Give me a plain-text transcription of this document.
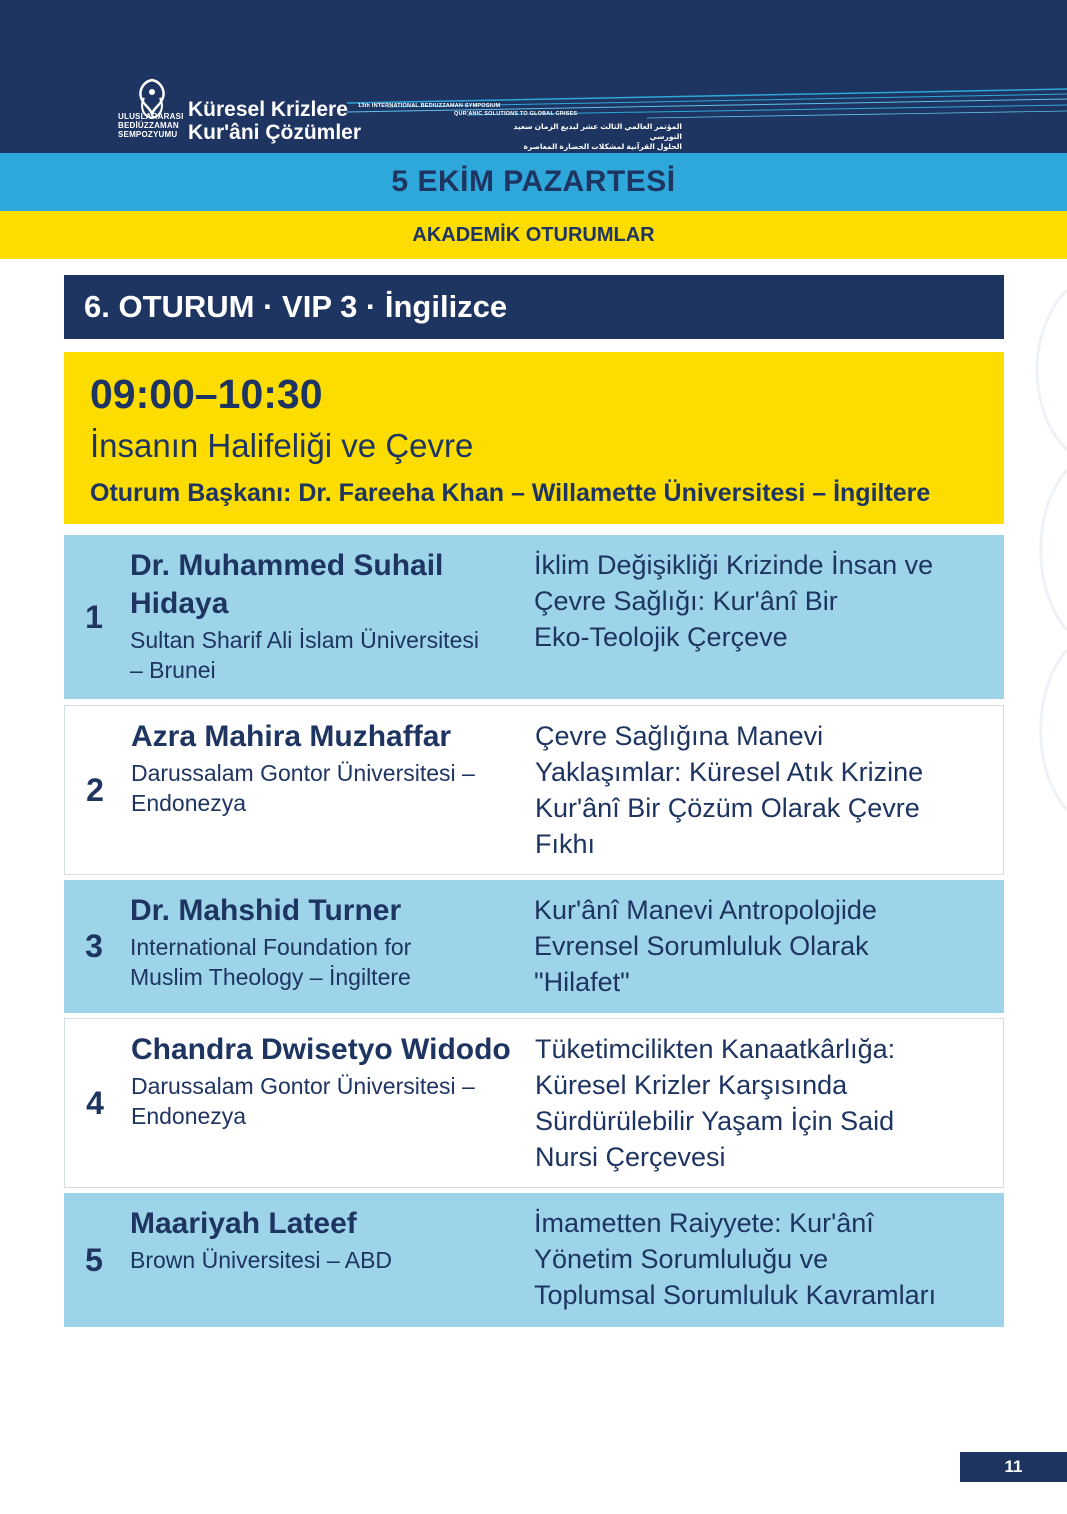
ULUSLARARASI
BEDİÜZZAMAN
SEMPOZYUMU
Küresel Krizlere
Kur'âni Çözümler
13th INTERNATIONAL BEDIUZZAMAN SYMPOSIUM
QUR'ANIC SOLUTIONS TO GLOBAL CRISES
المؤتمر العالمي الثالث عشر لبديع الزمان سعيد النورسي
الحلول القرآنية لمشكلات الحضارة المعاصرة
5 EKİM PAZARTESİ
AKADEMİK OTURUMLAR
6. OTURUM · VIP 3 · İngilizce
09:00–10:30
İnsanın Halifeliği ve Çevre
Oturum Başkanı: Dr. Fareeha Khan – Willamette Üniversitesi – İngiltere
1
Dr. Muhammed Suhail
Hidaya
Sultan Sharif Ali İslam Üniversitesi
– Brunei
İklim Değişikliği Krizinde İnsan ve
Çevre Sağlığı: Kur'ânî Bir
Eko-Teolojik Çerçeve
2
Azra Mahira Muzhaffar
Darussalam Gontor Üniversitesi –
Endonezya
Çevre Sağlığına Manevi
Yaklaşımlar: Küresel Atık Krizine
Kur'ânî Bir Çözüm Olarak Çevre
Fıkhı
3
Dr. Mahshid Turner
International Foundation for
Muslim Theology – İngiltere
Kur'ânî Manevi Antropolojide
Evrensel Sorumluluk Olarak
"Hilafet"
4
Chandra Dwisetyo Widodo
Darussalam Gontor Üniversitesi –
Endonezya
Tüketimcilikten Kanaatkârlığa:
Küresel Krizler Karşısında
Sürdürülebilir Yaşam İçin Said
Nursi Çerçevesi
5
Maariyah Lateef
Brown Üniversitesi – ABD
İmametten Raiyyete: Kur'ânî
Yönetim Sorumluluğu ve
Toplumsal Sorumluluk Kavramları
11
